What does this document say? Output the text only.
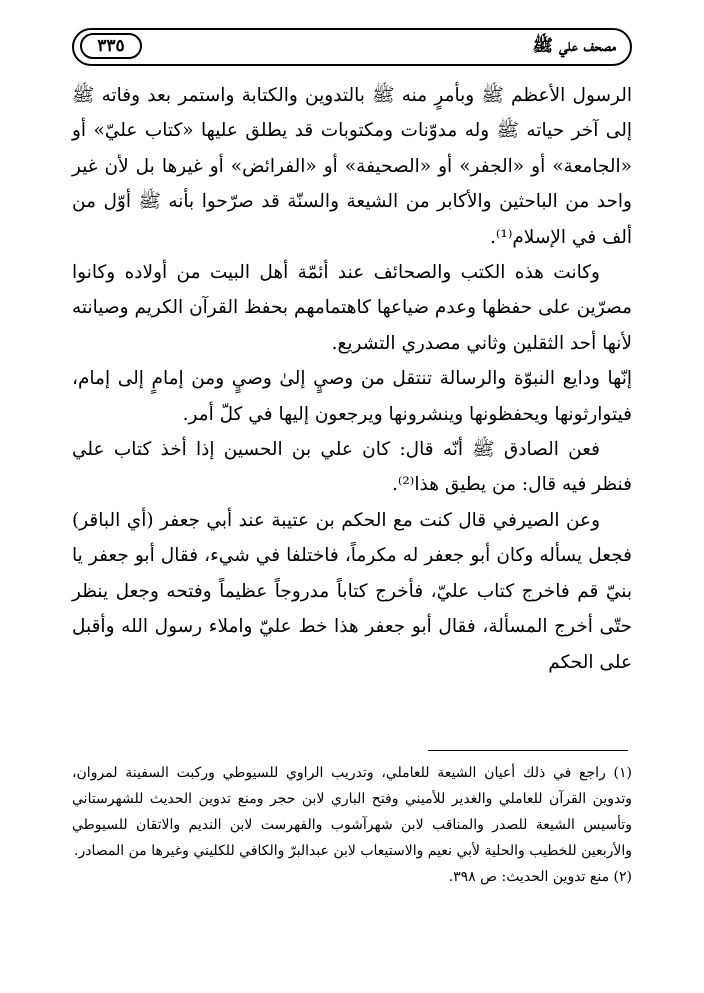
مصحف علي ﷺ
٣٣٥

الرسول الأعظم ﷺ وبأمرٍ منه ﷺ بالتدوين والكتابة واستمر بعد وفاته ﷺ إلى آخر حياته ﷺ وله مدوّنات ومكتوبات قد يطلق عليها «كتاب عليّ» أو «الجامعة» أو «الجفر» أو «الصحيفة» أو «الفرائض» أو غيرها بل لأن غير واحد من الباحثين والأكابر من الشيعة والسنّة قد صرّحوا بأنه ﷺ أوّل من ألف في الإسلام⁽¹⁾.

وكانت هذه الكتب والصحائف عند أئمّة أهل البيت من أولاده وكانوا مصرّين على حفظها وعدم ضياعها كاهتمامهم بحفظ القرآن الكريم وصيانته لأنها أحد الثقلين وثاني مصدري التشريع.

إنّها ودايع النبوّة والرسالة تنتقل من وصيٍ إلىٰ وصيٍ ومن إمامٍ إلى إمام، فيتوارثونها ويحفظونها وينشرونها ويرجعون إليها في كلّ أمر.

فعن الصادق ﷺ أنّه قال: كان علي بن الحسين إذا أخذ كتاب علي فنظر فيه قال: من يطيق هذا⁽²⁾.

وعن الصيرفي قال كنت مع الحكم بن عتيبة عند أبي جعفر (أي الباقر) فجعل يسأله وكان أبو جعفر له مكرماً، فاختلفا في شيء، فقال أبو جعفر يا بنيّ قم فاخرج كتاب عليّ، فأخرج كتاباً مدروجاً عظيماً وفتحه وجعل ينظر حتّى أخرج المسألة، فقال أبو جعفر هذا خط عليّ واملاء رسول الله وأقبل على الحكم

(١) راجع في ذلك أعيان الشيعة للعاملي، وتدريب الراوي للسيوطي وركبت السفينة لمروان، وتدوين القرآن للعاملي والغدير للأميني وفتح الباري لابن حجر ومنع تدوين الحديث للشهرستاني وتأسيس الشيعة للصدر والمناقب لابن شهرآشوب والفهرست لابن النديم والاتقان للسيوطي والأربعين للخطيب والحلية لأبي نعيم والاستيعاب لابن عبدالبرّ والكافي للكليني وغيرها من المصادر.

(٢) منع تدوين الحديث: ص ٣٩٨.
